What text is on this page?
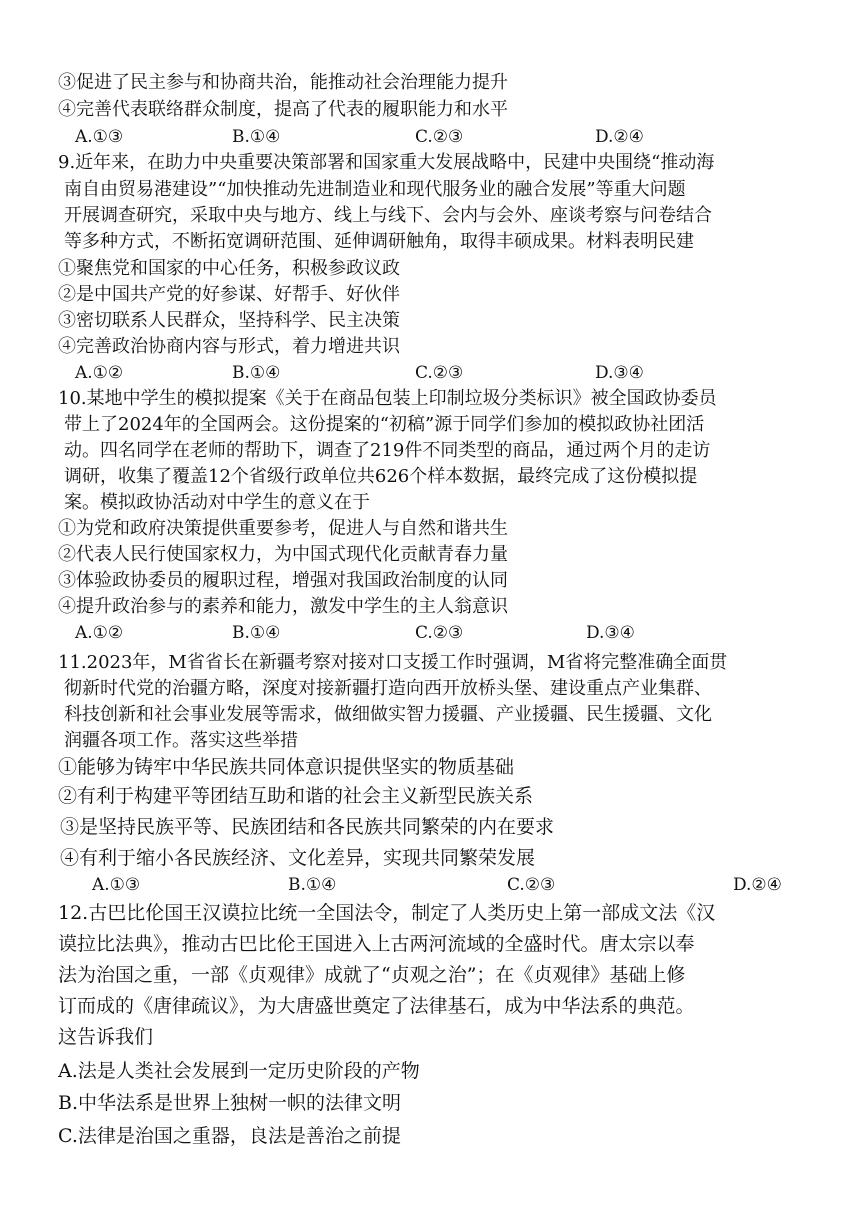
③促进了民主参与和协商共治，能推动社会治理能力提升
④完善代表联络群众制度，提高了代表的履职能力和水平
A.①③	B.①④	C.②③	D.②④
9.近年来，在助力中央重要决策部署和国家重大发展战略中，民建中央围绕“推动海
南自由贸易港建设”“加快推动先进制造业和现代服务业的融合发展”等重大问题
开展调查研究，采取中央与地方、线上与线下、会内与会外、座谈考察与问卷结合
等多种方式，不断拓宽调研范围、延伸调研触角，取得丰硕成果。材料表明民建
①聚焦党和国家的中心任务，积极参政议政
②是中国共产党的好参谋、好帮手、好伙伴
③密切联系人民群众，坚持科学、民主决策
④完善政治协商内容与形式，着力增进共识
A.①②	B.①④	C.②③	D.③④
10.某地中学生的模拟提案《关于在商品包装上印制垃圾分类标识》被全国政协委员
带上了2024年的全国两会。这份提案的“初稿”源于同学们参加的模拟政协社团活
动。四名同学在老师的帮助下，调查了219件不同类型的商品，通过两个月的走访
调研，收集了覆盖12个省级行政单位共626个样本数据，最终完成了这份模拟提
案。模拟政协活动对中学生的意义在于
①为党和政府决策提供重要参考，促进人与自然和谐共生
②代表人民行使国家权力，为中国式现代化贡献青春力量
③体验政协委员的履职过程，增强对我国政治制度的认同
④提升政治参与的素养和能力，激发中学生的主人翁意识
A.①②	B.①④	C.②③	D.③④
11.2023年，M省省长在新疆考察对接对口支援工作时强调，M省将完整准确全面贯
彻新时代党的治疆方略，深度对接新疆打造向西开放桥头堡、建设重点产业集群、
科技创新和社会事业发展等需求，做细做实智力援疆、产业援疆、民生援疆、文化
润疆各项工作。落实这些举措
①能够为铸牢中华民族共同体意识提供坚实的物质基础
②有利于构建平等团结互助和谐的社会主义新型民族关系
③是坚持民族平等、民族团结和各民族共同繁荣的内在要求
④有利于缩小各民族经济、文化差异，实现共同繁荣发展
A.①③	B.①④	C.②③	D.②④
12.古巴比伦国王汉谟拉比统一全国法令，制定了人类历史上第一部成文法《汉
谟拉比法典》，推动古巴比伦王国进入上古两河流域的全盛时代。唐太宗以奉
法为治国之重，一部《贞观律》成就了“贞观之治”；在《贞观律》基础上修
订而成的《唐律疏议》，为大唐盛世奠定了法律基石，成为中华法系的典范。
这告诉我们
A.法是人类社会发展到一定历史阶段的产物
B.中华法系是世界上独树一帜的法律文明
C.法律是治国之重器，良法是善治之前提
